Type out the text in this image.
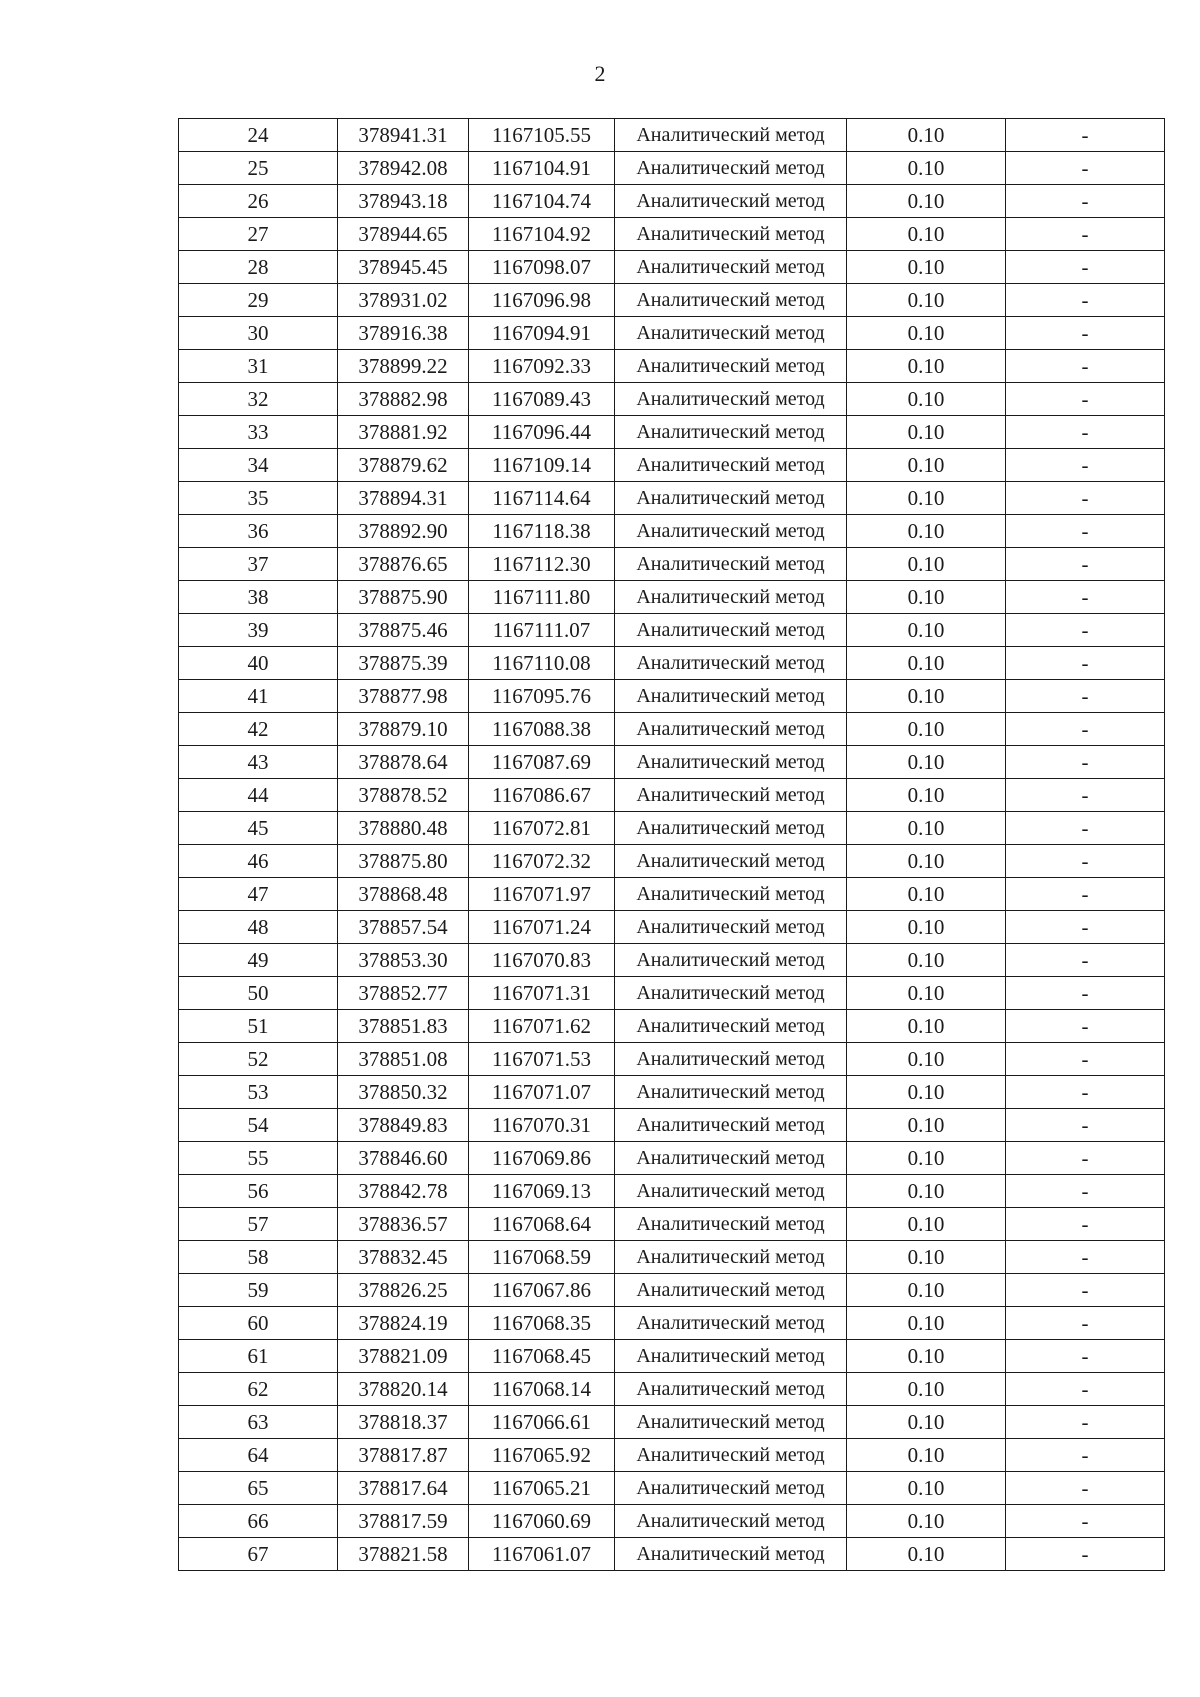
2
24	378941.31	1167105.55	Аналитический метод	0.10	-
25	378942.08	1167104.91	Аналитический метод	0.10	-
26	378943.18	1167104.74	Аналитический метод	0.10	-
27	378944.65	1167104.92	Аналитический метод	0.10	-
28	378945.45	1167098.07	Аналитический метод	0.10	-
29	378931.02	1167096.98	Аналитический метод	0.10	-
30	378916.38	1167094.91	Аналитический метод	0.10	-
31	378899.22	1167092.33	Аналитический метод	0.10	-
32	378882.98	1167089.43	Аналитический метод	0.10	-
33	378881.92	1167096.44	Аналитический метод	0.10	-
34	378879.62	1167109.14	Аналитический метод	0.10	-
35	378894.31	1167114.64	Аналитический метод	0.10	-
36	378892.90	1167118.38	Аналитический метод	0.10	-
37	378876.65	1167112.30	Аналитический метод	0.10	-
38	378875.90	1167111.80	Аналитический метод	0.10	-
39	378875.46	1167111.07	Аналитический метод	0.10	-
40	378875.39	1167110.08	Аналитический метод	0.10	-
41	378877.98	1167095.76	Аналитический метод	0.10	-
42	378879.10	1167088.38	Аналитический метод	0.10	-
43	378878.64	1167087.69	Аналитический метод	0.10	-
44	378878.52	1167086.67	Аналитический метод	0.10	-
45	378880.48	1167072.81	Аналитический метод	0.10	-
46	378875.80	1167072.32	Аналитический метод	0.10	-
47	378868.48	1167071.97	Аналитический метод	0.10	-
48	378857.54	1167071.24	Аналитический метод	0.10	-
49	378853.30	1167070.83	Аналитический метод	0.10	-
50	378852.77	1167071.31	Аналитический метод	0.10	-
51	378851.83	1167071.62	Аналитический метод	0.10	-
52	378851.08	1167071.53	Аналитический метод	0.10	-
53	378850.32	1167071.07	Аналитический метод	0.10	-
54	378849.83	1167070.31	Аналитический метод	0.10	-
55	378846.60	1167069.86	Аналитический метод	0.10	-
56	378842.78	1167069.13	Аналитический метод	0.10	-
57	378836.57	1167068.64	Аналитический метод	0.10	-
58	378832.45	1167068.59	Аналитический метод	0.10	-
59	378826.25	1167067.86	Аналитический метод	0.10	-
60	378824.19	1167068.35	Аналитический метод	0.10	-
61	378821.09	1167068.45	Аналитический метод	0.10	-
62	378820.14	1167068.14	Аналитический метод	0.10	-
63	378818.37	1167066.61	Аналитический метод	0.10	-
64	378817.87	1167065.92	Аналитический метод	0.10	-
65	378817.64	1167065.21	Аналитический метод	0.10	-
66	378817.59	1167060.69	Аналитический метод	0.10	-
67	378821.58	1167061.07	Аналитический метод	0.10	-
